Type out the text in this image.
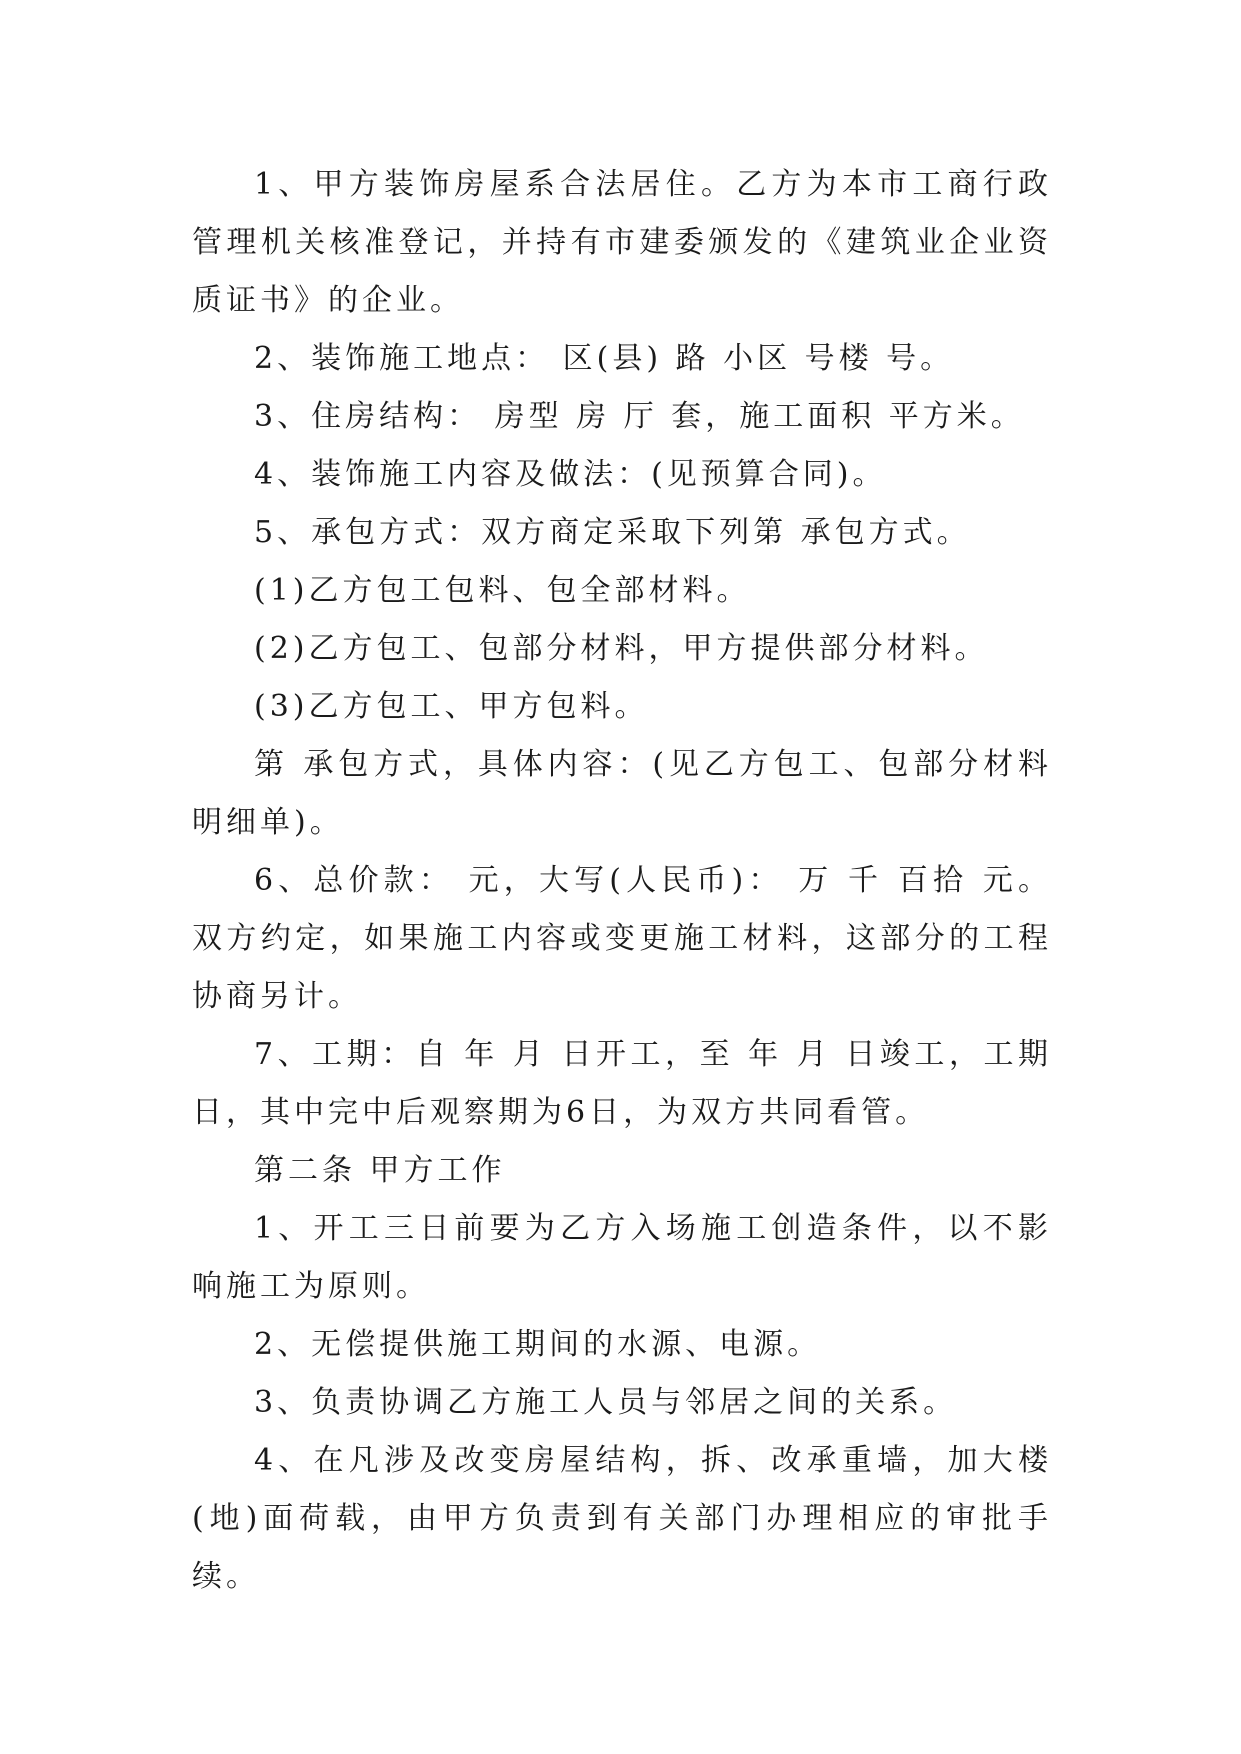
1、甲方装饰房屋系合法居住。乙方为本市工商行政管理机关核准登记，并持有市建委颁发的《建筑业企业资质证书》的企业。

2、装饰施工地点： 区(县) 路 小区 号楼 号。

3、住房结构： 房型 房 厅 套，施工面积 平方米。

4、装饰施工内容及做法：(见预算合同)。

5、承包方式：双方商定采取下列第 承包方式。

(1)乙方包工包料、包全部材料。

(2)乙方包工、包部分材料，甲方提供部分材料。

(3)乙方包工、甲方包料。

第 承包方式，具体内容：(见乙方包工、包部分材料明细单)。

6、总价款： 元，大写(人民币)： 万 千 百拾 元。双方约定，如果施工内容或变更施工材料，这部分的工程协商另计。

7、工期：自 年 月 日开工，至 年 月 日竣工，工期 日，其中完中后观察期为6日，为双方共同看管。

第二条 甲方工作

1、开工三日前要为乙方入场施工创造条件，以不影响施工为原则。

2、无偿提供施工期间的水源、电源。

3、负责协调乙方施工人员与邻居之间的关系。

4、在凡涉及改变房屋结构，拆、改承重墙，加大楼(地)面荷载，由甲方负责到有关部门办理相应的审批手续。
